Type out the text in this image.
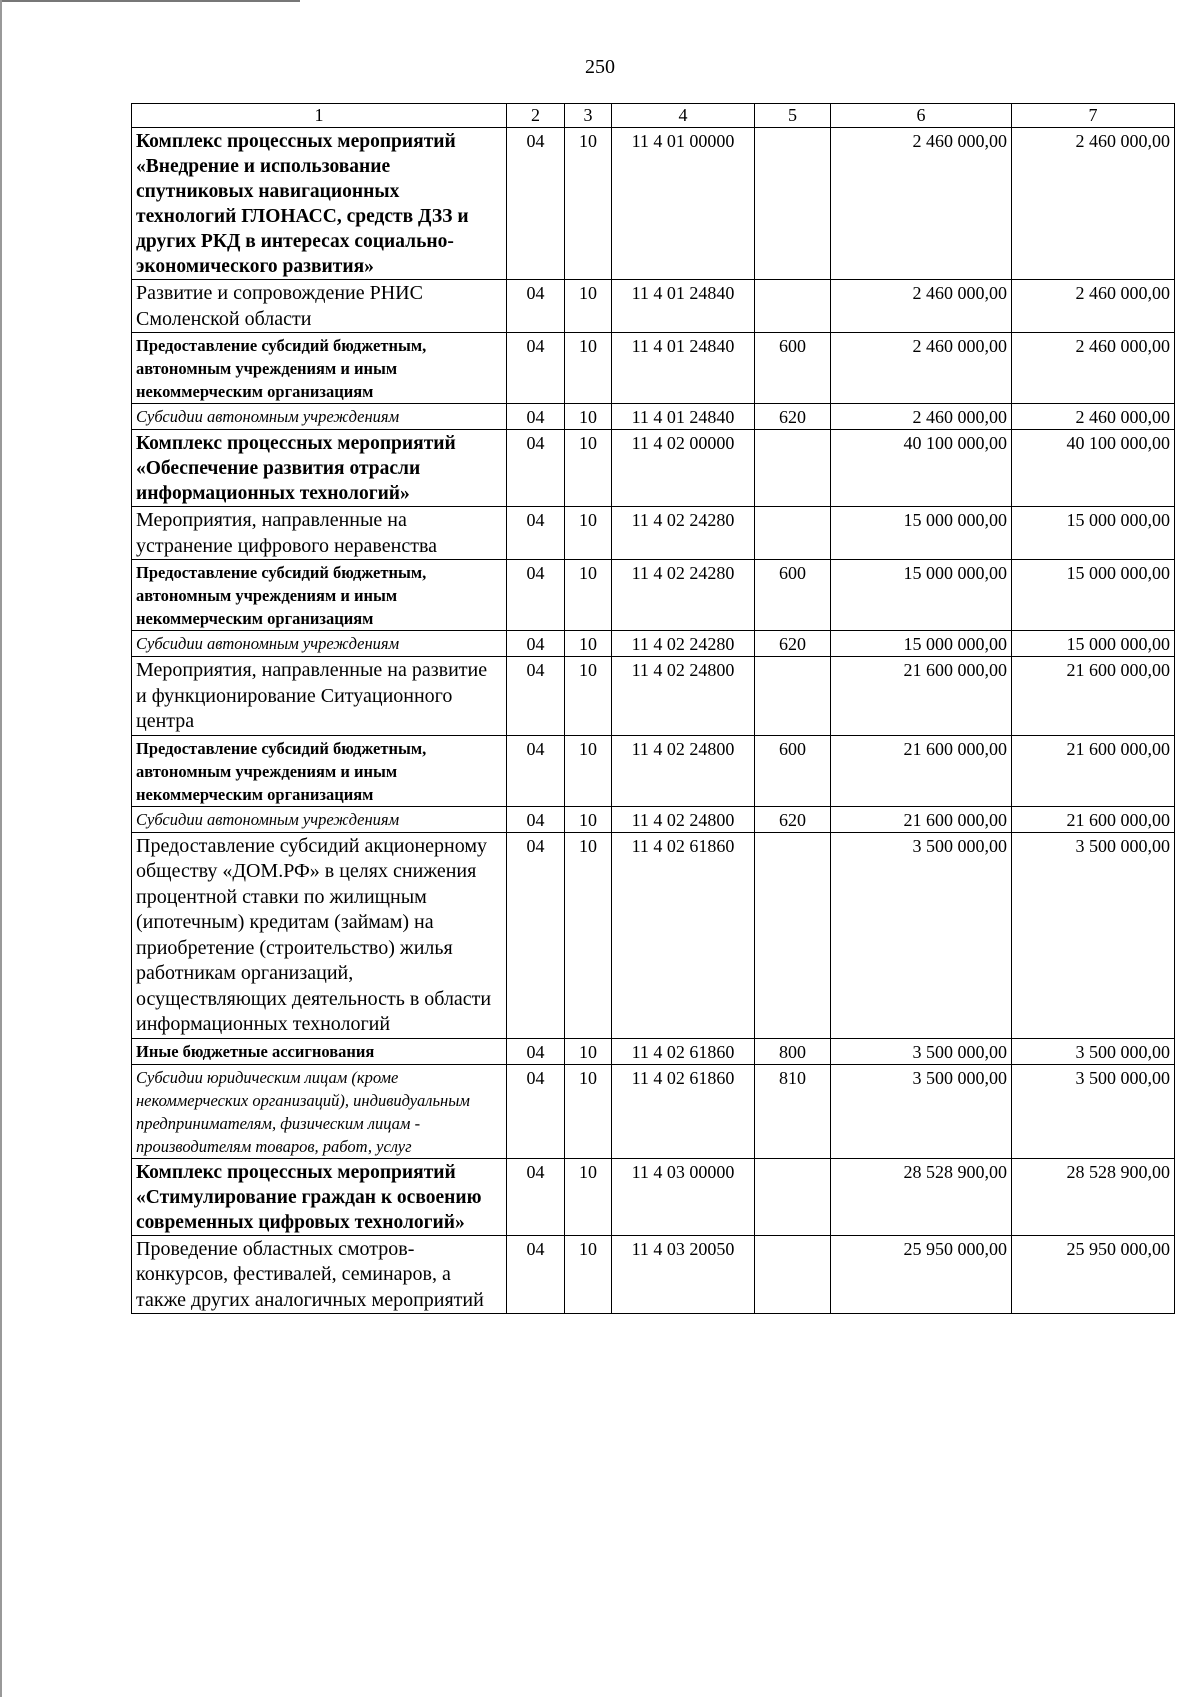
250
1	2	3	4	5	6	7
Комплекс процессных мероприятий «Внедрение и использование спутниковых навигационных технологий ГЛОНАСС, средств ДЗЗ и других РКД в интересах социально-экономического развития»	04	10	11 4 01 00000		2 460 000,00	2 460 000,00
Развитие и сопровождение РНИС Смоленской области	04	10	11 4 01 24840		2 460 000,00	2 460 000,00
Предоставление субсидий бюджетным, автономным учреждениям и иным некоммерческим организациям	04	10	11 4 01 24840	600	2 460 000,00	2 460 000,00
Субсидии автономным учреждениям	04	10	11 4 01 24840	620	2 460 000,00	2 460 000,00
Комплекс процессных мероприятий «Обеспечение развития отрасли информационных технологий»	04	10	11 4 02 00000		40 100 000,00	40 100 000,00
Мероприятия, направленные на устранение цифрового неравенства	04	10	11 4 02 24280		15 000 000,00	15 000 000,00
Предоставление субсидий бюджетным, автономным учреждениям и иным некоммерческим организациям	04	10	11 4 02 24280	600	15 000 000,00	15 000 000,00
Субсидии автономным учреждениям	04	10	11 4 02 24280	620	15 000 000,00	15 000 000,00
Мероприятия, направленные на развитие и функционирование Ситуационного центра	04	10	11 4 02 24800		21 600 000,00	21 600 000,00
Предоставление субсидий бюджетным, автономным учреждениям и иным некоммерческим организациям	04	10	11 4 02 24800	600	21 600 000,00	21 600 000,00
Субсидии автономным учреждениям	04	10	11 4 02 24800	620	21 600 000,00	21 600 000,00
Предоставление субсидий акционерному обществу «ДОМ.РФ» в целях снижения процентной ставки по жилищным (ипотечным) кредитам (займам) на приобретение (строительство) жилья работникам организаций, осуществляющих деятельность в области информационных технологий	04	10	11 4 02 61860		3 500 000,00	3 500 000,00
Иные бюджетные ассигнования	04	10	11 4 02 61860	800	3 500 000,00	3 500 000,00
Субсидии юридическим лицам (кроме некоммерческих организаций), индивидуальным предпринимателям, физическим лицам - производителям товаров, работ, услуг	04	10	11 4 02 61860	810	3 500 000,00	3 500 000,00
Комплекс процессных мероприятий «Стимулирование граждан к освоению современных цифровых технологий»	04	10	11 4 03 00000		28 528 900,00	28 528 900,00
Проведение областных смотров-конкурсов, фестивалей, семинаров, а также других аналогичных мероприятий	04	10	11 4 03 20050		25 950 000,00	25 950 000,00
